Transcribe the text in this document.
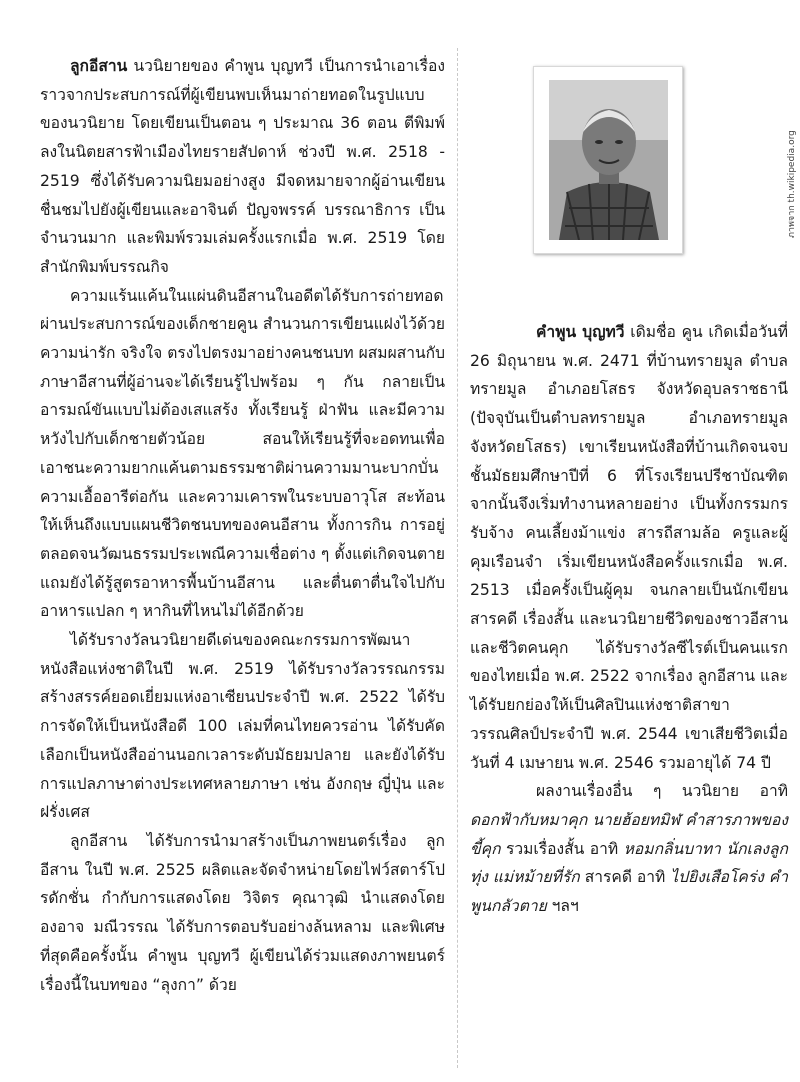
ลูกอีสาน นวนิยายของ คำพูน บุญทวี เป็นการนำเอาเรื่องราวจากประสบการณ์ที่ผู้เขียนพบเห็นมาถ่ายทอดในรูปแบบของนวนิยาย โดยเขียนเป็นตอน ๆ ประมาณ 36 ตอน ตีพิมพ์ลงในนิตยสารฟ้าเมืองไทยรายสัปดาห์ ช่วงปี พ.ศ. 2518 - 2519 ซึ่งได้รับความนิยมอย่างสูง มีจดหมายจากผู้อ่านเขียนชื่นชมไปยังผู้เขียนและอาจินต์ ปัญจพรรค์ บรรณาธิการ เป็นจำนวนมาก และพิมพ์รวมเล่มครั้งแรกเมื่อ พ.ศ. 2519 โดยสำนักพิมพ์บรรณกิจ

ความแร้นแค้นในแผ่นดินอีสานในอดีตได้รับการถ่ายทอดผ่านประสบการณ์ของเด็กชายคูน สำนวนการเขียนแฝงไว้ด้วยความน่ารัก จริงใจ ตรงไปตรงมาอย่างคนชนบท ผสมผสานกับภาษาอีสานที่ผู้อ่านจะได้เรียนรู้ไปพร้อม ๆ กัน กลายเป็นอารมณ์ขันแบบไม่ต้องเสแสร้ง ทั้งเรียนรู้ ฝ่าฟัน และมีความหวังไปกับเด็กชายตัวน้อย สอนให้เรียนรู้ที่จะอดทนเพื่อเอาชนะความยากแค้นตามธรรมชาติผ่านความมานะบากบั่น ความเอื้ออารีต่อกัน และความเคารพในระบบอาวุโส สะท้อนให้เห็นถึงแบบแผนชีวิตชนบทของคนอีสาน ทั้งการกิน การอยู่ ตลอดจนวัฒนธรรมประเพณีความเชื่อต่าง ๆ ตั้งแต่เกิดจนตาย แถมยังได้รู้สูตรอาหารพื้นบ้านอีสาน และตื่นตาตื่นใจไปกับอาหารแปลก ๆ หากินที่ไหนไม่ได้อีกด้วย

ได้รับรางวัลนวนิยายดีเด่นของคณะกรรมการพัฒนาหนังสือแห่งชาติในปี พ.ศ. 2519 ได้รับรางวัลวรรณกรรมสร้างสรรค์ยอดเยี่ยมแห่งอาเซียนประจำปี พ.ศ. 2522 ได้รับการจัดให้เป็นหนังสือดี 100 เล่มที่คนไทยควรอ่าน ได้รับคัดเลือกเป็นหนังสืออ่านนอกเวลาระดับมัธยมปลาย และยังได้รับการแปลภาษาต่างประเทศหลายภาษา เช่น อังกฤษ ญี่ปุ่น และฝรั่งเศส

ลูกอีสาน ได้รับการนำมาสร้างเป็นภาพยนตร์เรื่อง ลูกอีสาน ในปี พ.ศ. 2525 ผลิตและจัดจำหน่ายโดยไฟว์สตาร์โปรดักชั่น กำกับการแสดงโดย วิจิตร คุณาวุฒิ นำแสดงโดย องอาจ มณีวรรณ ได้รับการตอบรับอย่างล้นหลาม และพิเศษที่สุดคือครั้งนั้น คำพูน บุญทวี ผู้เขียนได้ร่วมแสดงภาพยนตร์เรื่องนี้ในบทของ “ลุงกา” ด้วย

ภาพจาก th.wikipedia.org

คำพูน บุญทวี เดิมชื่อ คูน เกิดเมื่อวันที่ 26 มิถุนายน พ.ศ. 2471 ที่บ้านทรายมูล ตำบลทรายมูล อำเภอยโสธร จังหวัดอุบลราชธานี (ปัจจุบันเป็นตำบลทรายมูล อำเภอทรายมูล จังหวัดยโสธร) เขาเรียนหนังสือที่บ้านเกิดจนจบชั้นมัธยมศึกษาปีที่ 6 ที่โรงเรียนปรีชาบัณฑิต จากนั้นจึงเริ่มทำงานหลายอย่าง เป็นทั้งกรรมกรรับจ้าง คนเลี้ยงม้าแข่ง สารถีสามล้อ ครูและผู้คุมเรือนจำ เริ่มเขียนหนังสือครั้งแรกเมื่อ พ.ศ. 2513 เมื่อครั้งเป็นผู้คุม จนกลายเป็นนักเขียนสารคดี เรื่องสั้น และนวนิยายชีวิตของชาวอีสานและชีวิตคนคุก ได้รับรางวัลซีไรต์เป็นคนแรกของไทยเมื่อ พ.ศ. 2522 จากเรื่อง ลูกอีสาน และได้รับยกย่องให้เป็นศิลปินแห่งชาติสาขาวรรณศิลป์ประจำปี พ.ศ. 2544 เขาเสียชีวิตเมื่อวันที่ 4 เมษายน พ.ศ. 2546 รวมอายุได้ 74 ปี

ผลงานเรื่องอื่น ๆ นวนิยาย อาทิ ดอกฟ้ากับหมาคุก นายฮ้อยทมิฬ คำสารภาพของขี้คุก รวมเรื่องสั้น อาทิ หอมกลิ่นบาทา นักเลงลูกทุ่ง แม่หม้ายที่รัก สารคดี อาทิ ไปยิงเสือโคร่ง คำพูนกลัวตาย ฯลฯ
